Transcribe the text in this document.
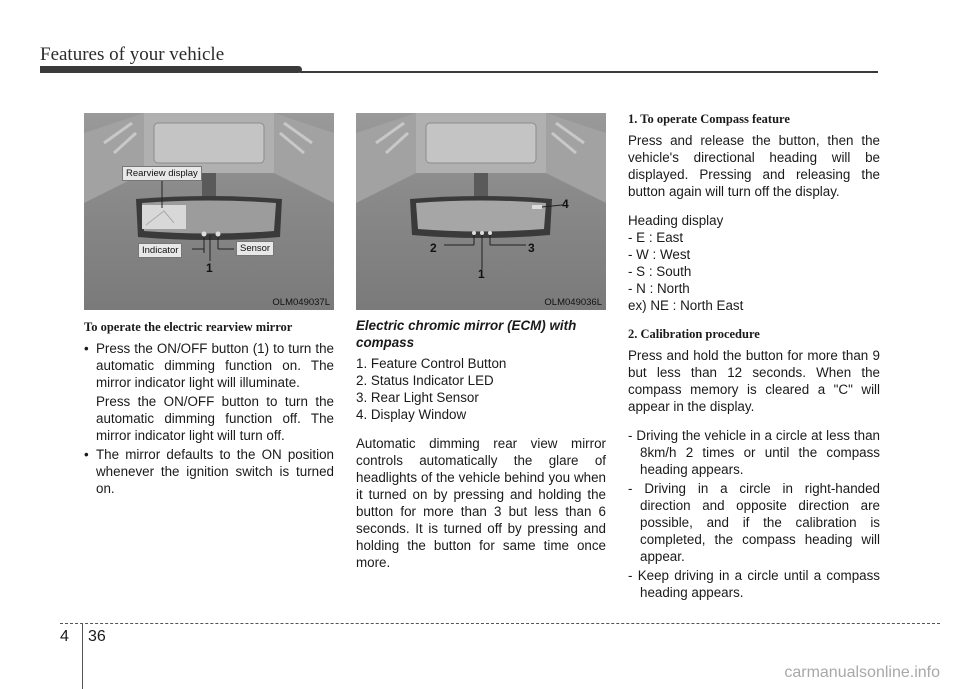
Features of your vehicle
Rearview display
Indicator	Sensor
1
OLM049037L
4
2	3
1
OLM049036L
To operate the electric rearview mirror
• Press the ON/OFF button (1) to turn the automatic dimming function on. The mirror indicator light will illuminate.
Press the ON/OFF button to turn the automatic dimming function off. The mirror indicator light will turn off.
• The mirror defaults to the ON position whenever the ignition switch is turned on.
Electric chromic mirror (ECM) with compass
1. Feature Control Button
2. Status Indicator LED
3. Rear Light Sensor
4. Display Window
Automatic dimming rear view mirror controls automatically the glare of headlights of the vehicle behind you when it turned on by pressing and holding the button for more than 3 but less than 6 seconds. It is turned off by pressing and holding the button for same time once more.
1. To operate Compass feature
Press and release the button, then the vehicle's directional heading will be displayed. Pressing and releasing the button again will turn off the display.
Heading display
- E : East
- W : West
- S : South
- N : North
ex) NE : North East
2. Calibration procedure
Press and hold the button for more than 9 but less than 12 seconds. When the compass memory is cleared a "C" will appear in the display.
- Driving the vehicle in a circle at less than 8km/h 2 times or until the compass heading appears.
- Driving in a circle in right-handed direction and opposite direction are possible, and if the calibration is completed, the compass heading will appear.
- Keep driving in a circle until a compass heading appears.
4 36
carmanualsonline.info
